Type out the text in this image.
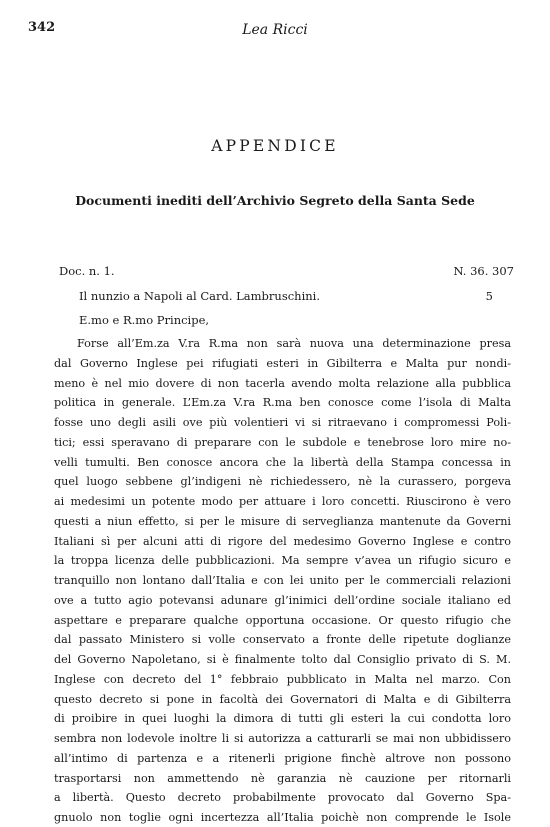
342	Lea Ricci
APPENDICE
Documenti inediti dell’Archivio Segreto della Santa Sede
Doc. n. 1.	N. 36. 307
Il nunzio a Napoli al Card. Lambruschini.	5
E.mo e R.mo Principe,
Forse all’Em.za V.ra R.ma non sarà nuova una determinazione presa
dal Governo Inglese pei rifugiati esteri in Gibilterra e Malta pur nondi-
meno è nel mio dovere di non tacerla avendo molta relazione alla pubblica
politica in generale. L’Em.za V.ra R.ma ben conosce come l’isola di Malta
fosse uno degli asili ove più volentieri vi si ritraevano i compromessi Poli-
tici; essi speravano di preparare con le subdole e tenebrose loro mire no-
velli tumulti. Ben conosce ancora che la libertà della Stampa concessa in
quel luogo sebbene gl’indigeni nè richiedessero, nè la curassero, porgeva
ai medesimi un potente modo per attuare i loro concetti. Riuscirono è vero
questi a niun effetto, si per le misure di serveglianza mantenute da Governi
Italiani sì per alcuni atti di rigore del medesimo Governo Inglese e contro
la troppa licenza delle pubblicazioni. Ma sempre v’avea un rifugio sicuro e
tranquillo non lontano dall’Italia e con lei unito per le commerciali relazioni
ove a tutto agio potevansi adunare gl’inimici dell’ordine sociale italiano ed
aspettare e preparare qualche opportuna occasione. Or questo rifugio che
dal passato Ministero si volle conservato a fronte delle ripetute doglianze
del Governo Napoletano, si è finalmente tolto dal Consiglio privato di S. M.
Inglese con decreto del 1° febbraio pubblicato in Malta nel marzo. Con
questo decreto si pone in facoltà dei Governatori di Malta e di Gibilterra
di proibire in quei luoghi la dimora di tutti gli esteri la cui condotta loro
sembra non lodevole inoltre li si autorizza a catturarli se mai non ubbidissero
all’intimo di partenza e a ritenerli prigione finchè altrove non possono
trasportarsi non ammettendo nè garanzia nè cauzione per ritornarli
a libertà. Questo decreto probabilmente provocato dal Governo Spa-
gnuolo non toglie ogni incertezza all’Italia poichè non comprende le Isole
